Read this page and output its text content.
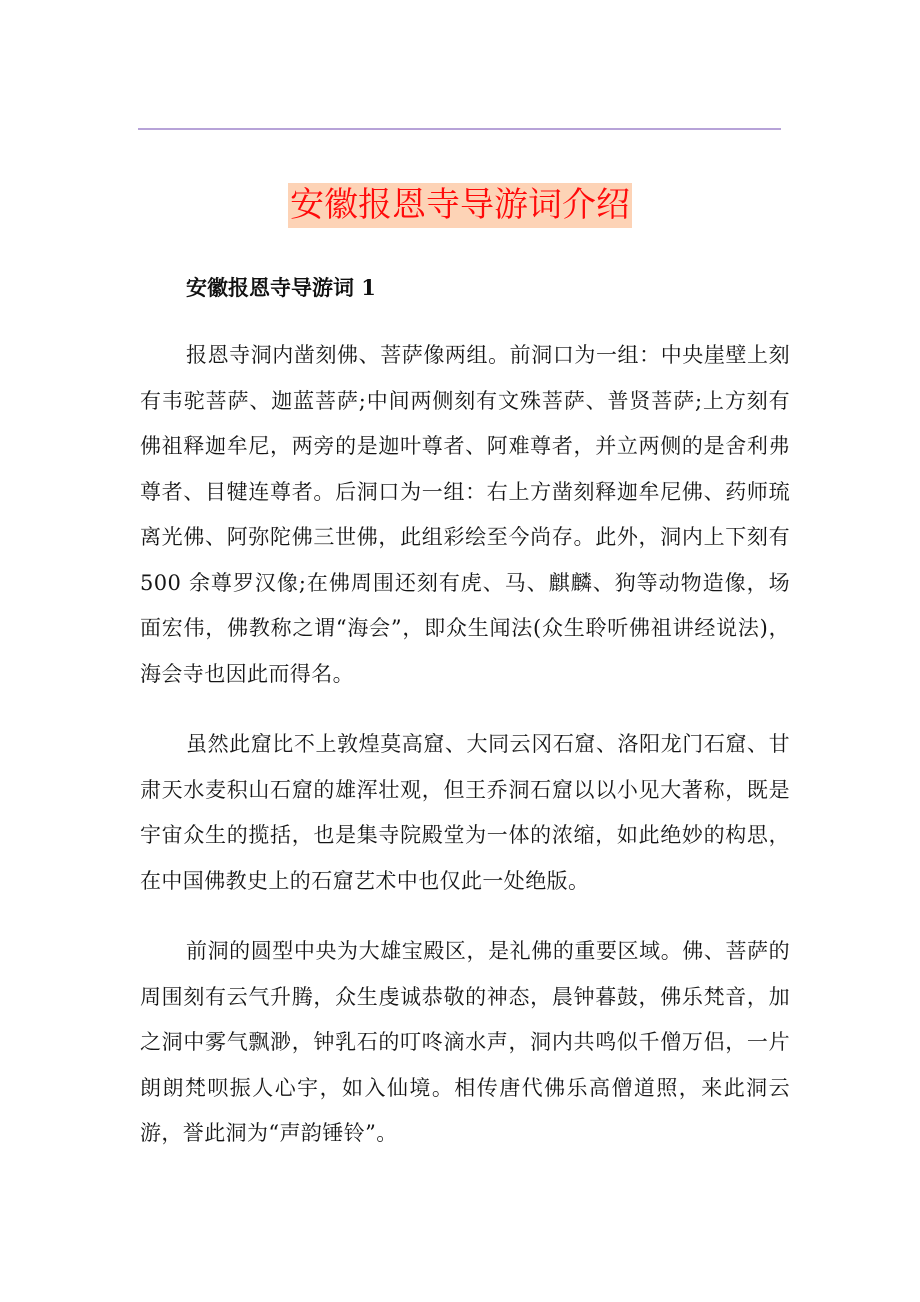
安徽报恩寺导游词介绍
安徽报恩寺导游词 1

报恩寺洞内凿刻佛、菩萨像两组。前洞口为一组：中央崖壁上刻有韦驼菩萨、迦蓝菩萨;中间两侧刻有文殊菩萨、普贤菩萨;上方刻有佛祖释迦牟尼，两旁的是迦叶尊者、阿难尊者，并立两侧的是舍利弗尊者、目犍连尊者。后洞口为一组：右上方凿刻释迦牟尼佛、药师琉离光佛、阿弥陀佛三世佛，此组彩绘至今尚存。此外，洞内上下刻有 500 余尊罗汉像;在佛周围还刻有虎、马、麒麟、狗等动物造像，场面宏伟，佛教称之谓“海会”，即众生闻法(众生聆听佛祖讲经说法)，海会寺也因此而得名。

虽然此窟比不上敦煌莫高窟、大同云冈石窟、洛阳龙门石窟、甘肃天水麦积山石窟的雄浑壮观，但王乔洞石窟以以小见大著称，既是宇宙众生的揽括，也是集寺院殿堂为一体的浓缩，如此绝妙的构思，在中国佛教史上的石窟艺术中也仅此一处绝版。

前洞的圆型中央为大雄宝殿区，是礼佛的重要区域。佛、菩萨的周围刻有云气升腾，众生虔诚恭敬的神态，晨钟暮鼓，佛乐梵音，加之洞中雾气飘渺，钟乳石的叮咚滴水声，洞内共鸣似千僧万侣，一片朗朗梵呗振人心宇，如入仙境。相传唐代佛乐高僧道照，来此洞云游，誉此洞为“声韵锤铃”。
